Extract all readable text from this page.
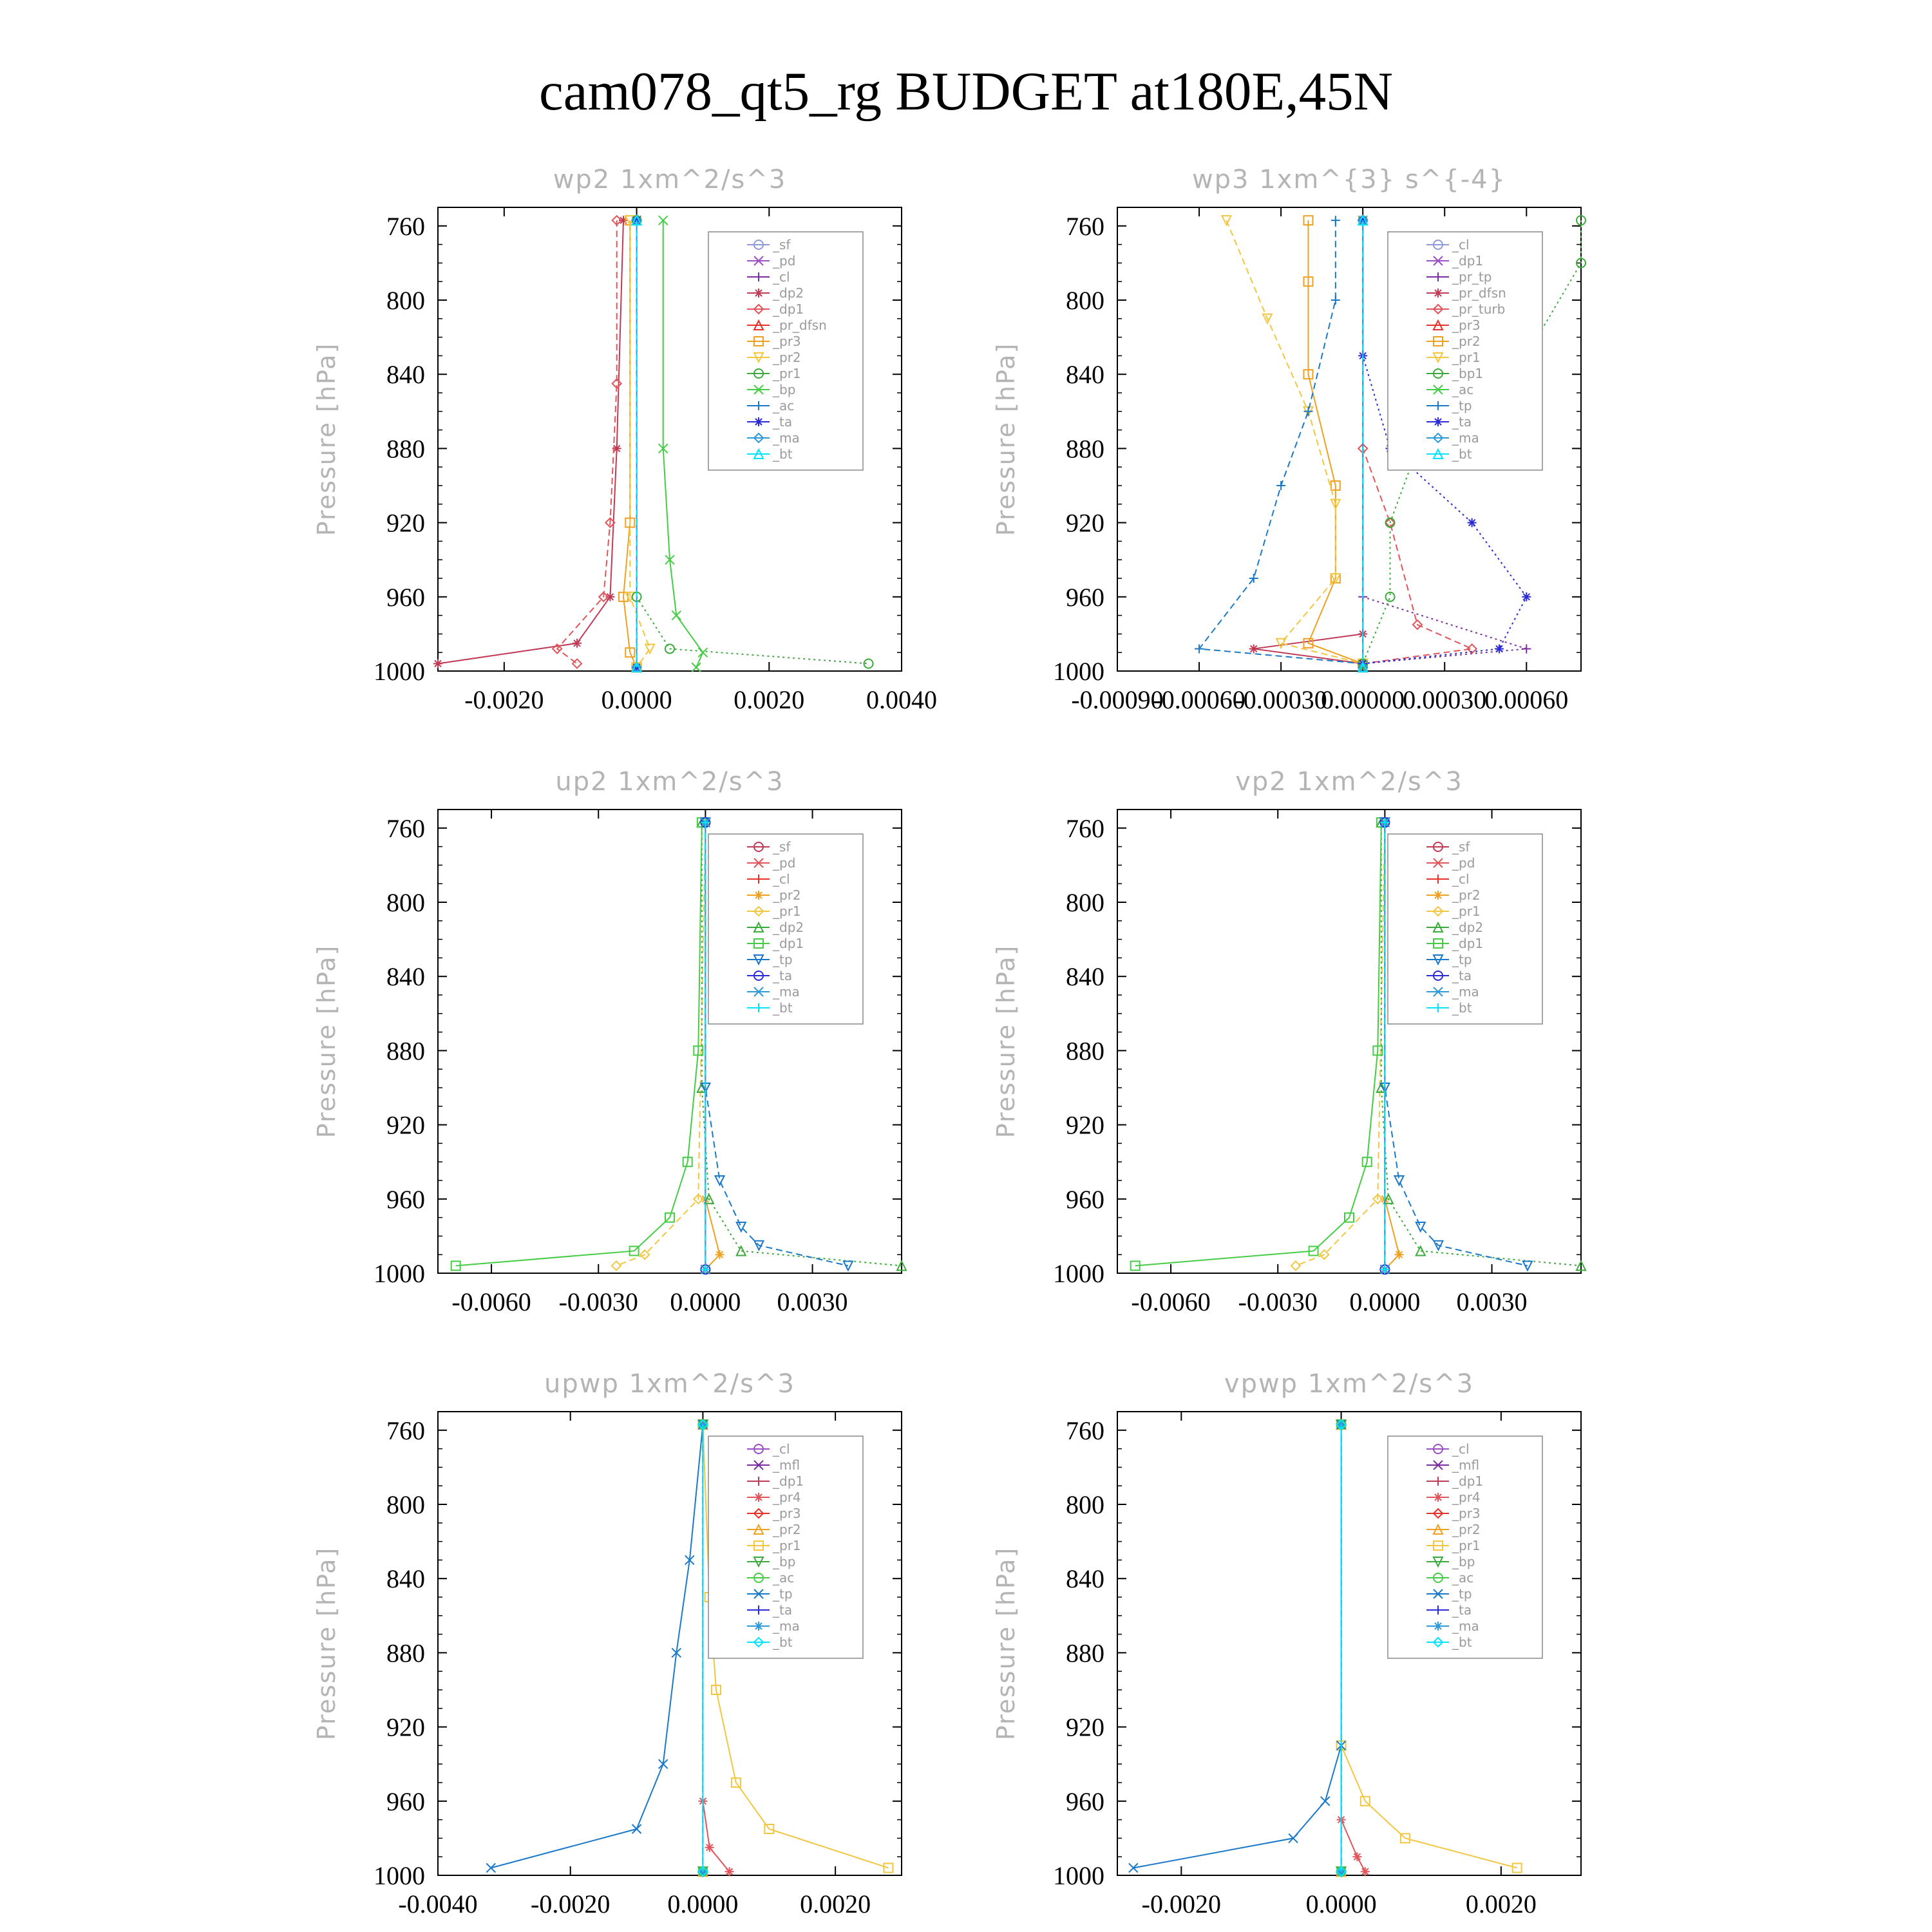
cam078_qt5_rg BUDGET at180E,45N
wp2 1xm^2/s^3
Pressure [hPa]
760
800
840
880
920
960
1000
-0.0020 0.0000 0.0020 0.0040
_sf
_pd
_cl
_dp2
_dp1
_pr_dfsn
_pr3
_pr2
_pr1
_bp
_ac
_ta
_ma
_bt
wp3 1xm^{3} s^{-4}
Pressure [hPa]
760
800
840
880
920
960
1000
-0.00090
-0.00060
-0.00030
0.00000
0.00030
0.00060
_cl
_dp1
_pr_tp
_pr_dfsn
_pr_turb
_pr3
_pr2
_pr1
_bp1
_ac
_tp
_ta
_ma
_bt
up2 1xm^2/s^3
Pressure [hPa]
760
800
840
880
920
960
1000
-0.0060 -0.0030 0.0000 0.0030
_sf
_pd
_cl
_pr2
_pr1
_dp2
_dp1
_tp
_ta
_ma
_bt
vp2 1xm^2/s^3
Pressure [hPa]
760
800
840
880
920
960
1000
-0.0060 -0.0030 0.0000 0.0030
_sf
_pd
_cl
_pr2
_pr1
_dp2
_dp1
_tp
_ta
_ma
_bt
upwp 1xm^2/s^3
Pressure [hPa]
760
800
840
880
920
960
1000
-0.0040 -0.0020 0.0000 0.0020
_cl
_mfl
_dp1
_pr4
_pr3
_pr2
_pr1
_bp
_ac
_tp
_ta
_ma
_bt
vpwp 1xm^2/s^3
Pressure [hPa]
760
800
840
880
920
960
1000
-0.0020	0.0000	0.0020
_cl
_mfl
_dp1
_pr4
_pr3
_pr2
_pr1
_bp
_ac
_tp
_ta
_ma
_bt
